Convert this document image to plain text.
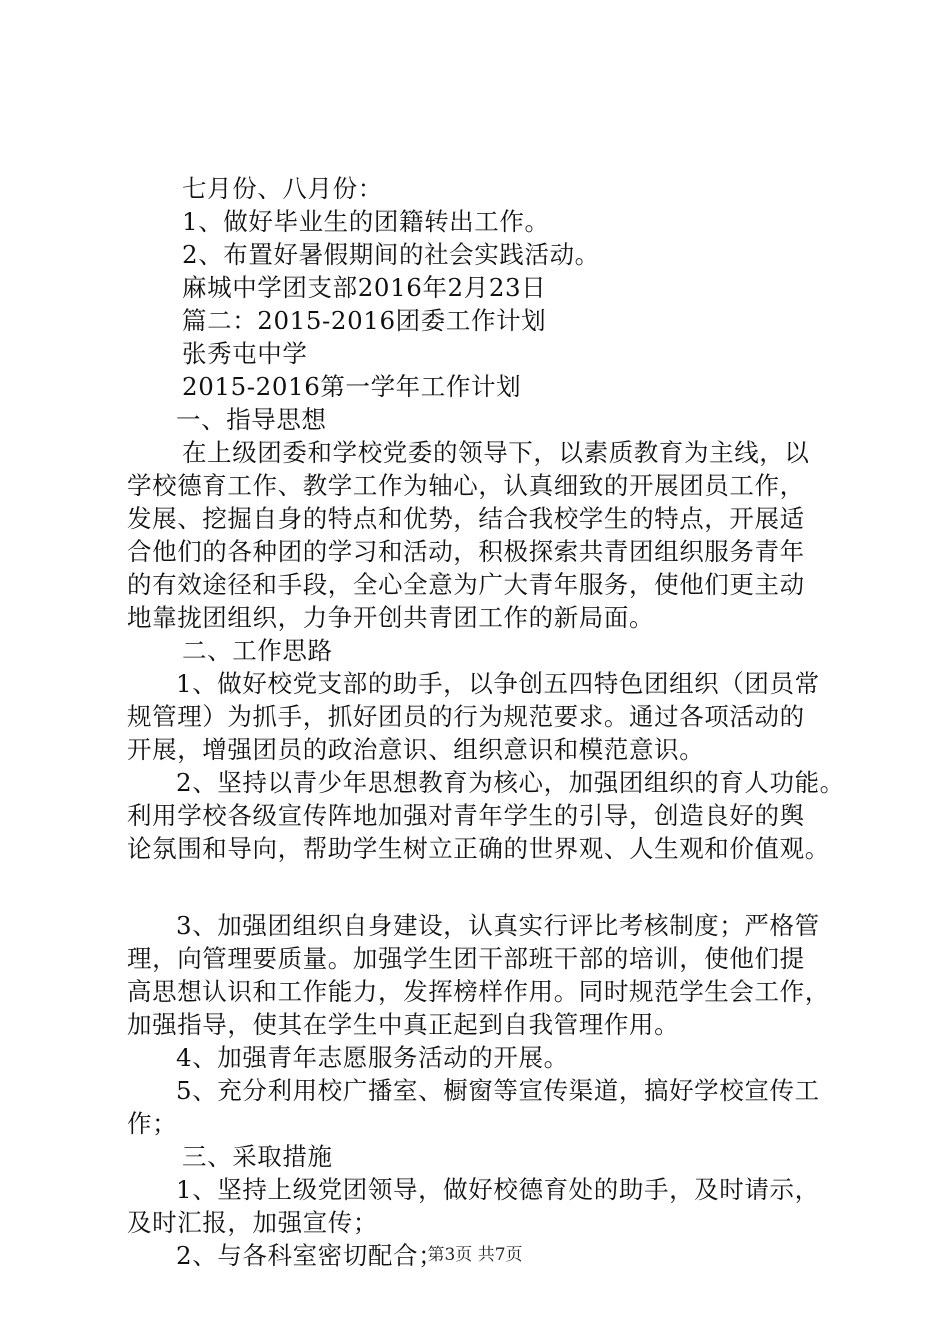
七月份、八月份：

1、做好毕业生的团籍转出工作。

2、布置好暑假期间的社会实践活动。

麻城中学团支部2016年2月23日

篇二：2015-2016团委工作计划

张秀屯中学

2015-2016第一学年工作计划

一、指导思想

在上级团委和学校党委的领导下，以素质教育为主线，以

学校德育工作、教学工作为轴心，认真细致的开展团员工作，

发展、挖掘自身的特点和优势，结合我校学生的特点，开展适

合他们的各种团的学习和活动，积极探索共青团组织服务青年

的有效途径和手段，全心全意为广大青年服务，使他们更主动

地靠拢团组织，力争开创共青团工作的新局面。

二、工作思路

1、做好校党支部的助手，以争创五四特色团组织（团员常

规管理）为抓手，抓好团员的行为规范要求。通过各项活动的

开展，增强团员的政治意识、组织意识和模范意识。

2、坚持以青少年思想教育为核心，加强团组织的育人功能。

利用学校各级宣传阵地加强对青年学生的引导，创造良好的舆

论氛围和导向，帮助学生树立正确的世界观、人生观和价值观。

3、加强团组织自身建设，认真实行评比考核制度；严格管

理，向管理要质量。加强学生团干部班干部的培训，使他们提

高思想认识和工作能力，发挥榜样作用。同时规范学生会工作，

加强指导，使其在学生中真正起到自我管理作用。

4、加强青年志愿服务活动的开展。

5、充分利用校广播室、橱窗等宣传渠道，搞好学校宣传工

作；

三、采取措施

1、坚持上级党团领导，做好校德育处的助手，及时请示，

及时汇报，加强宣传；

2、与各科室密切配合；

第3页 共7页
